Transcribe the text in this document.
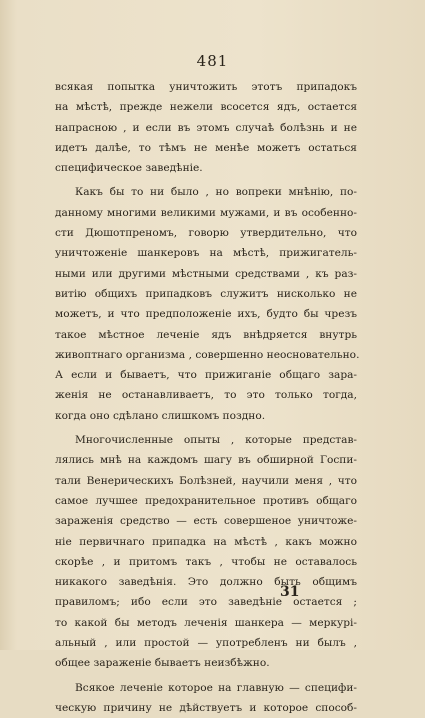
481
всякая попытка уничтожить этотъ припадокъ
на мѣстѣ, прежде нежели всосется ядъ, остается
напрасною , и если въ этомъ случаѣ болѣзнь и не
идетъ далѣе, то тѣмъ не менѣе можетъ остаться
специфическое заведѣніе.
Какъ бы то ни было , но вопреки мнѣнію, по-
данному многими великими мужами, и въ особенно-
сти Дюшотпреномъ, говорю утвердительно, что
уничтоженіе шанкеровъ на мѣстѣ, прижигатель-
ными или другими мѣстными средствами , къ раз-
витію общихъ припадковъ служитъ нисколько не
можетъ, и что предположеніе ихъ, будто бы чрезъ
такое мѣстное леченіе ядъ внѣдряется внутрь
живоптнаго организма , совершенно неосновательно.
А если и бываетъ, что прижиганіе общаго зара-
женія не останавливаетъ, то это только тогда,
когда оно сдѣлано слишкомъ поздно.
Многочисленные опыты , которые представ-
лялись мнѣ на каждомъ шагу въ обширной Госпи-
тали Венерическихъ Болѣзней, научили меня , что
самое лучшее предохранительное противъ общаго
зараженія средство — есть совершеное уничтоже-
ніе первичнаго припадка на мѣстѣ , какъ можно
скорѣе , и притомъ такъ , чтобы не оставалось
никакого заведѣнія. Это должно быть общимъ
правиломъ; ибо если это заведѣніе остается ;
то какой бы методъ леченія шанкера — меркурі-
альный , или простой — употребленъ ни былъ ,
общее зараженіе бываетъ неизбѣжно.
Всякое леченіе которое на главную — специфи-
ческую причину не дѣйствуетъ и которое способ-
31
